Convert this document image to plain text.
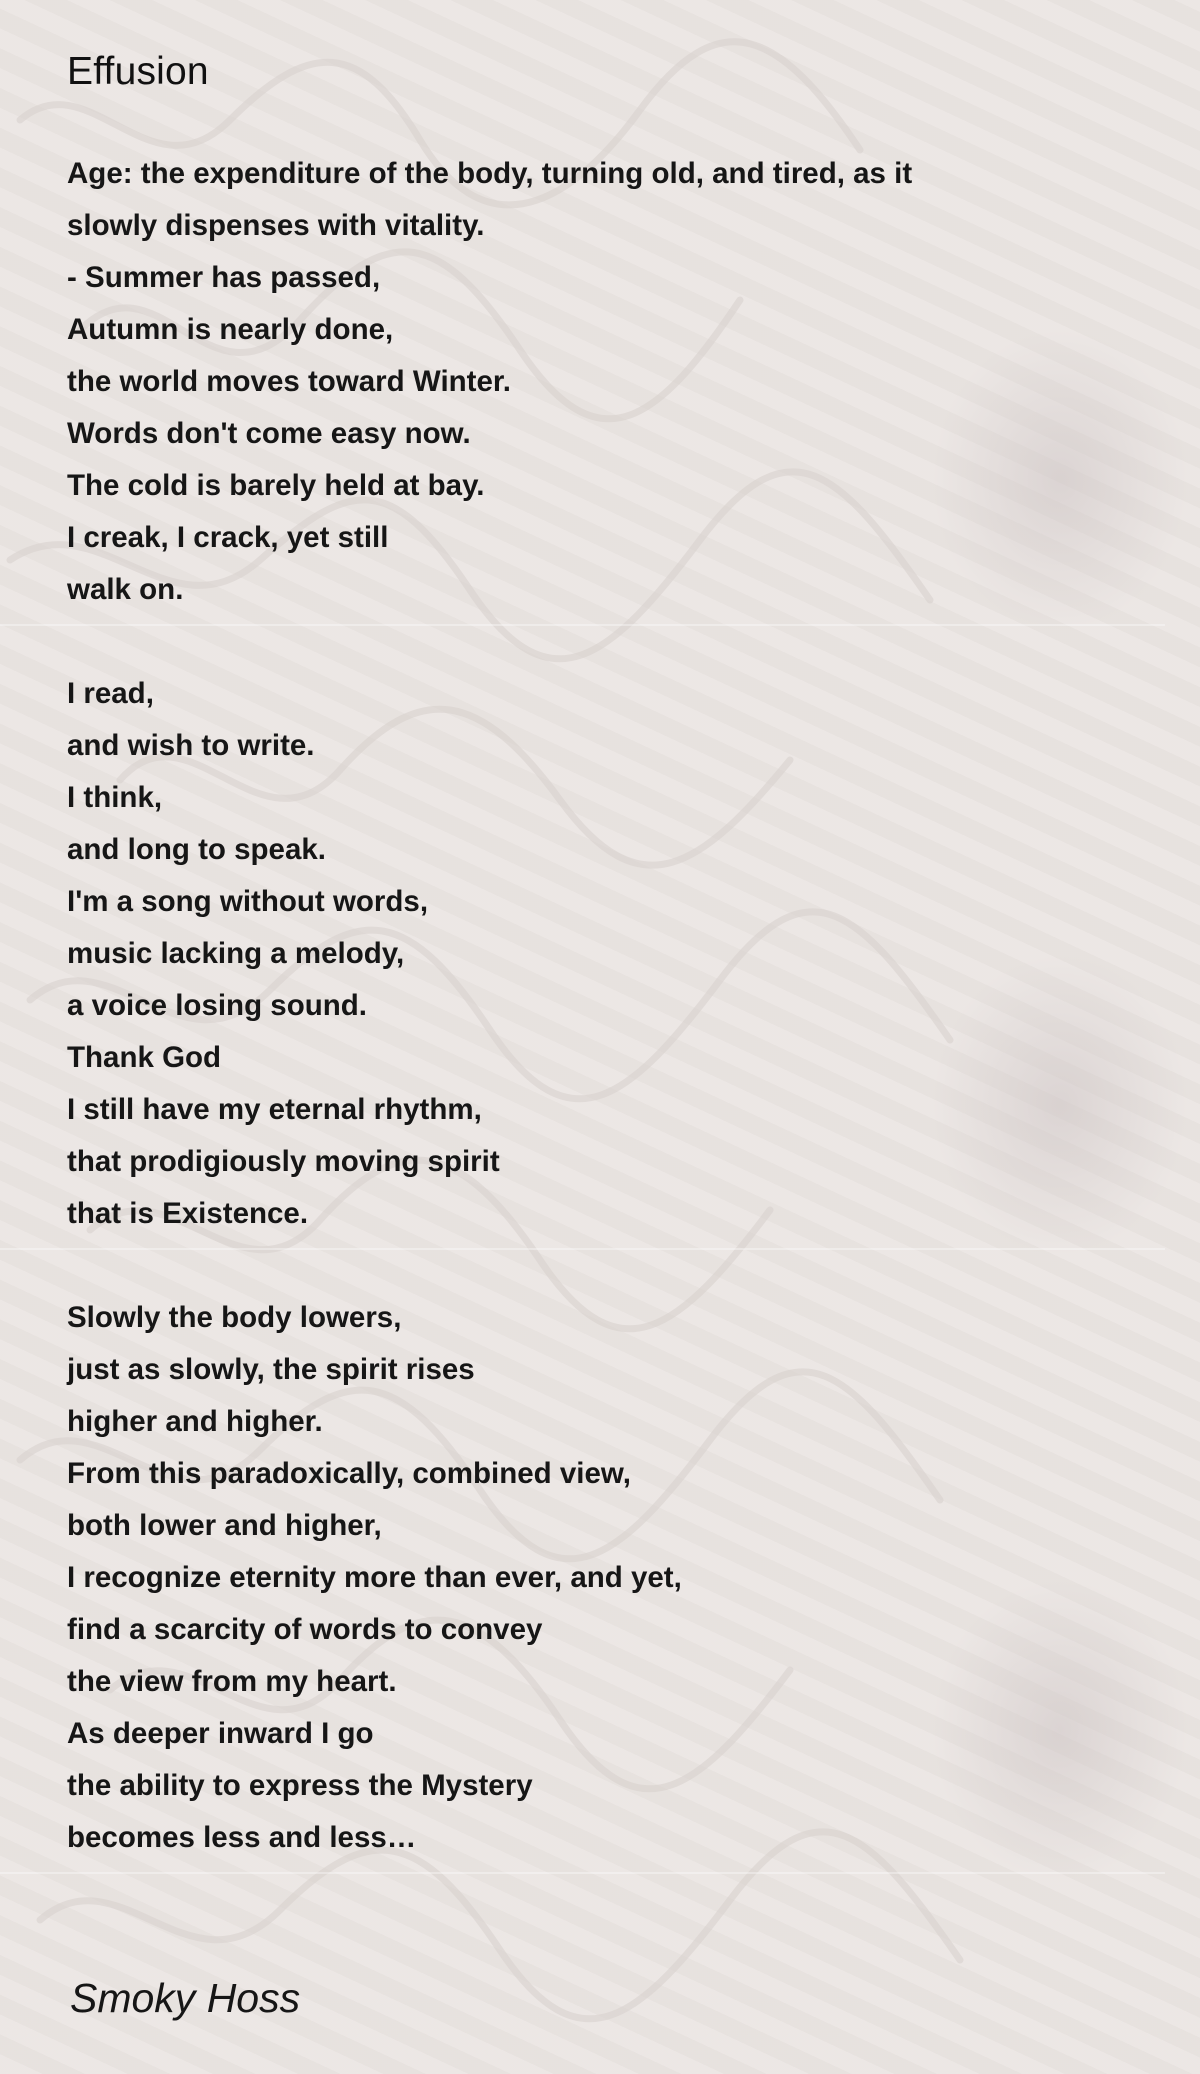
Effusion
Age: the expenditure of the body, turning old, and tired, as it
slowly dispenses with vitality.
- Summer has passed,
Autumn is nearly done,
the world moves toward Winter.
Words don't come easy now.
The cold is barely held at bay.
I creak, I crack, yet still
walk on.
I read,
and wish to write.
I think,
and long to speak.
I'm a song without words,
music lacking a melody,
a voice losing sound.
Thank God
I still have my eternal rhythm,
that prodigiously moving spirit
that is Existence.
Slowly the body lowers,
just as slowly, the spirit rises
higher and higher.
From this paradoxically, combined view,
both lower and higher,
I recognize eternity more than ever, and yet,
find a scarcity of words to convey
the view from my heart.
As deeper inward I go
the ability to express the Mystery
becomes less and less…
Smoky Hoss
